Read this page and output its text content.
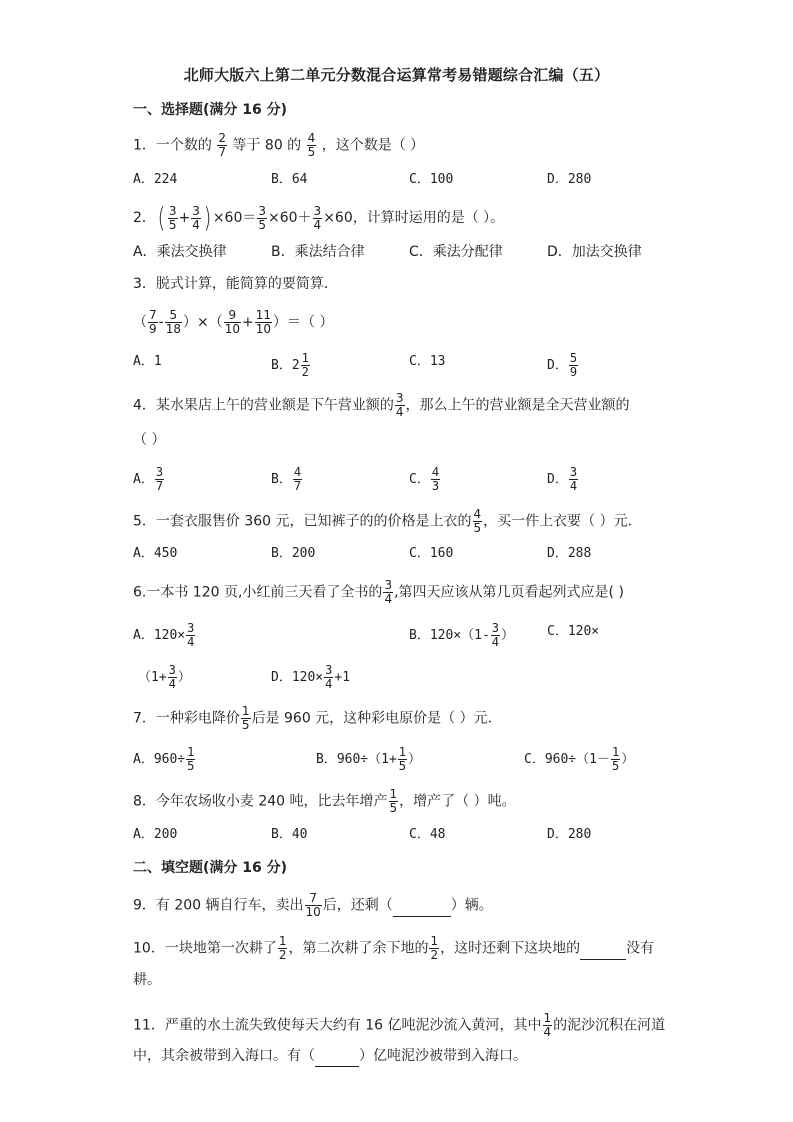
北师大版六上第二单元分数混合运算常考易错题综合汇编（五）
一、选择题(满分 16 分)
1．一个数的 $\frac{2}{7}$ 等于 80 的 $\frac{4}{5}$ ，这个数是（ ）
A．224	B．64	C．100	D．280
2．( $\frac{3}{5} + \frac{3}{4}$ ) $\times 60= \frac{3}{5} \times 60+ \frac{3}{4} \times 60$，计算时运用的是（ ）。
A．乘法交换律	B．乘法结合律	C．乘法分配律	D．加法交换律
3．脱式计算，能简算的要简算．
（ $\frac{7}{9} - \frac{5}{18}$ ）×（ $\frac{9}{10} + \frac{11}{10}$ ）＝（ ）
A．1	B．$2 \frac{1}{2}$	C．13	D． $\frac{5}{9}$
4．某水果店上午的营业额是下午营业额的 $\frac{3}{4}$ ，那么上午的营业额是全天营业额的
（ ）
A． $\frac{3}{7}$	B． $\frac{4}{7}$	C． $\frac{4}{3}$	D． $\frac{3}{4}$
5．一套衣服售价 360 元，已知裤子的的价格是上衣的 $\frac{4}{5}$ ，买一件上衣要（ ）元．
A．450	B．200	C．160	D．288
6.一本书 120 页,小红前三天看了全书的 $\frac{3}{4}$ ,第四天应该从第几页看起列式应是( )
A．$120\times \frac{3}{4}$	B．$120\times(1- \frac{3}{4}$ ）	C．120×
（$1+ \frac{3}{4}$ ）	D．$120\times \frac{3}{4} +1$
7．一种彩电降价 $\frac{1}{5}$ 后是 960 元，这种彩电原价是（ ）元．
A．$960\div \frac{1}{5}$	B．$960\div(1+ \frac{1}{5}$ ）	C．$960\div(1- \frac{1}{5}$ ）
8．今年农场收小麦 240 吨，比去年增产 $\frac{1}{5}$ ，增产了（ ）吨。
A．200	B．40	C．48	D．280
二、填空题(满分 16 分)
9．有 200 辆自行车，卖出 $\frac{7}{10}$ 后，还剩（	）辆。
10．一块地第一次耕了 $\frac{1}{2}$ ，第二次耕了余下地的 $\frac{1}{2}$ ，这时还剩下这块地的	没有
耕。
11．严重的水土流失致使每天大约有 16 亿吨泥沙流入黄河，其中 $\frac{1}{4}$ 的泥沙沉积在河道
中，其余被带到入海口。有（	）亿吨泥沙被带到入海口。
